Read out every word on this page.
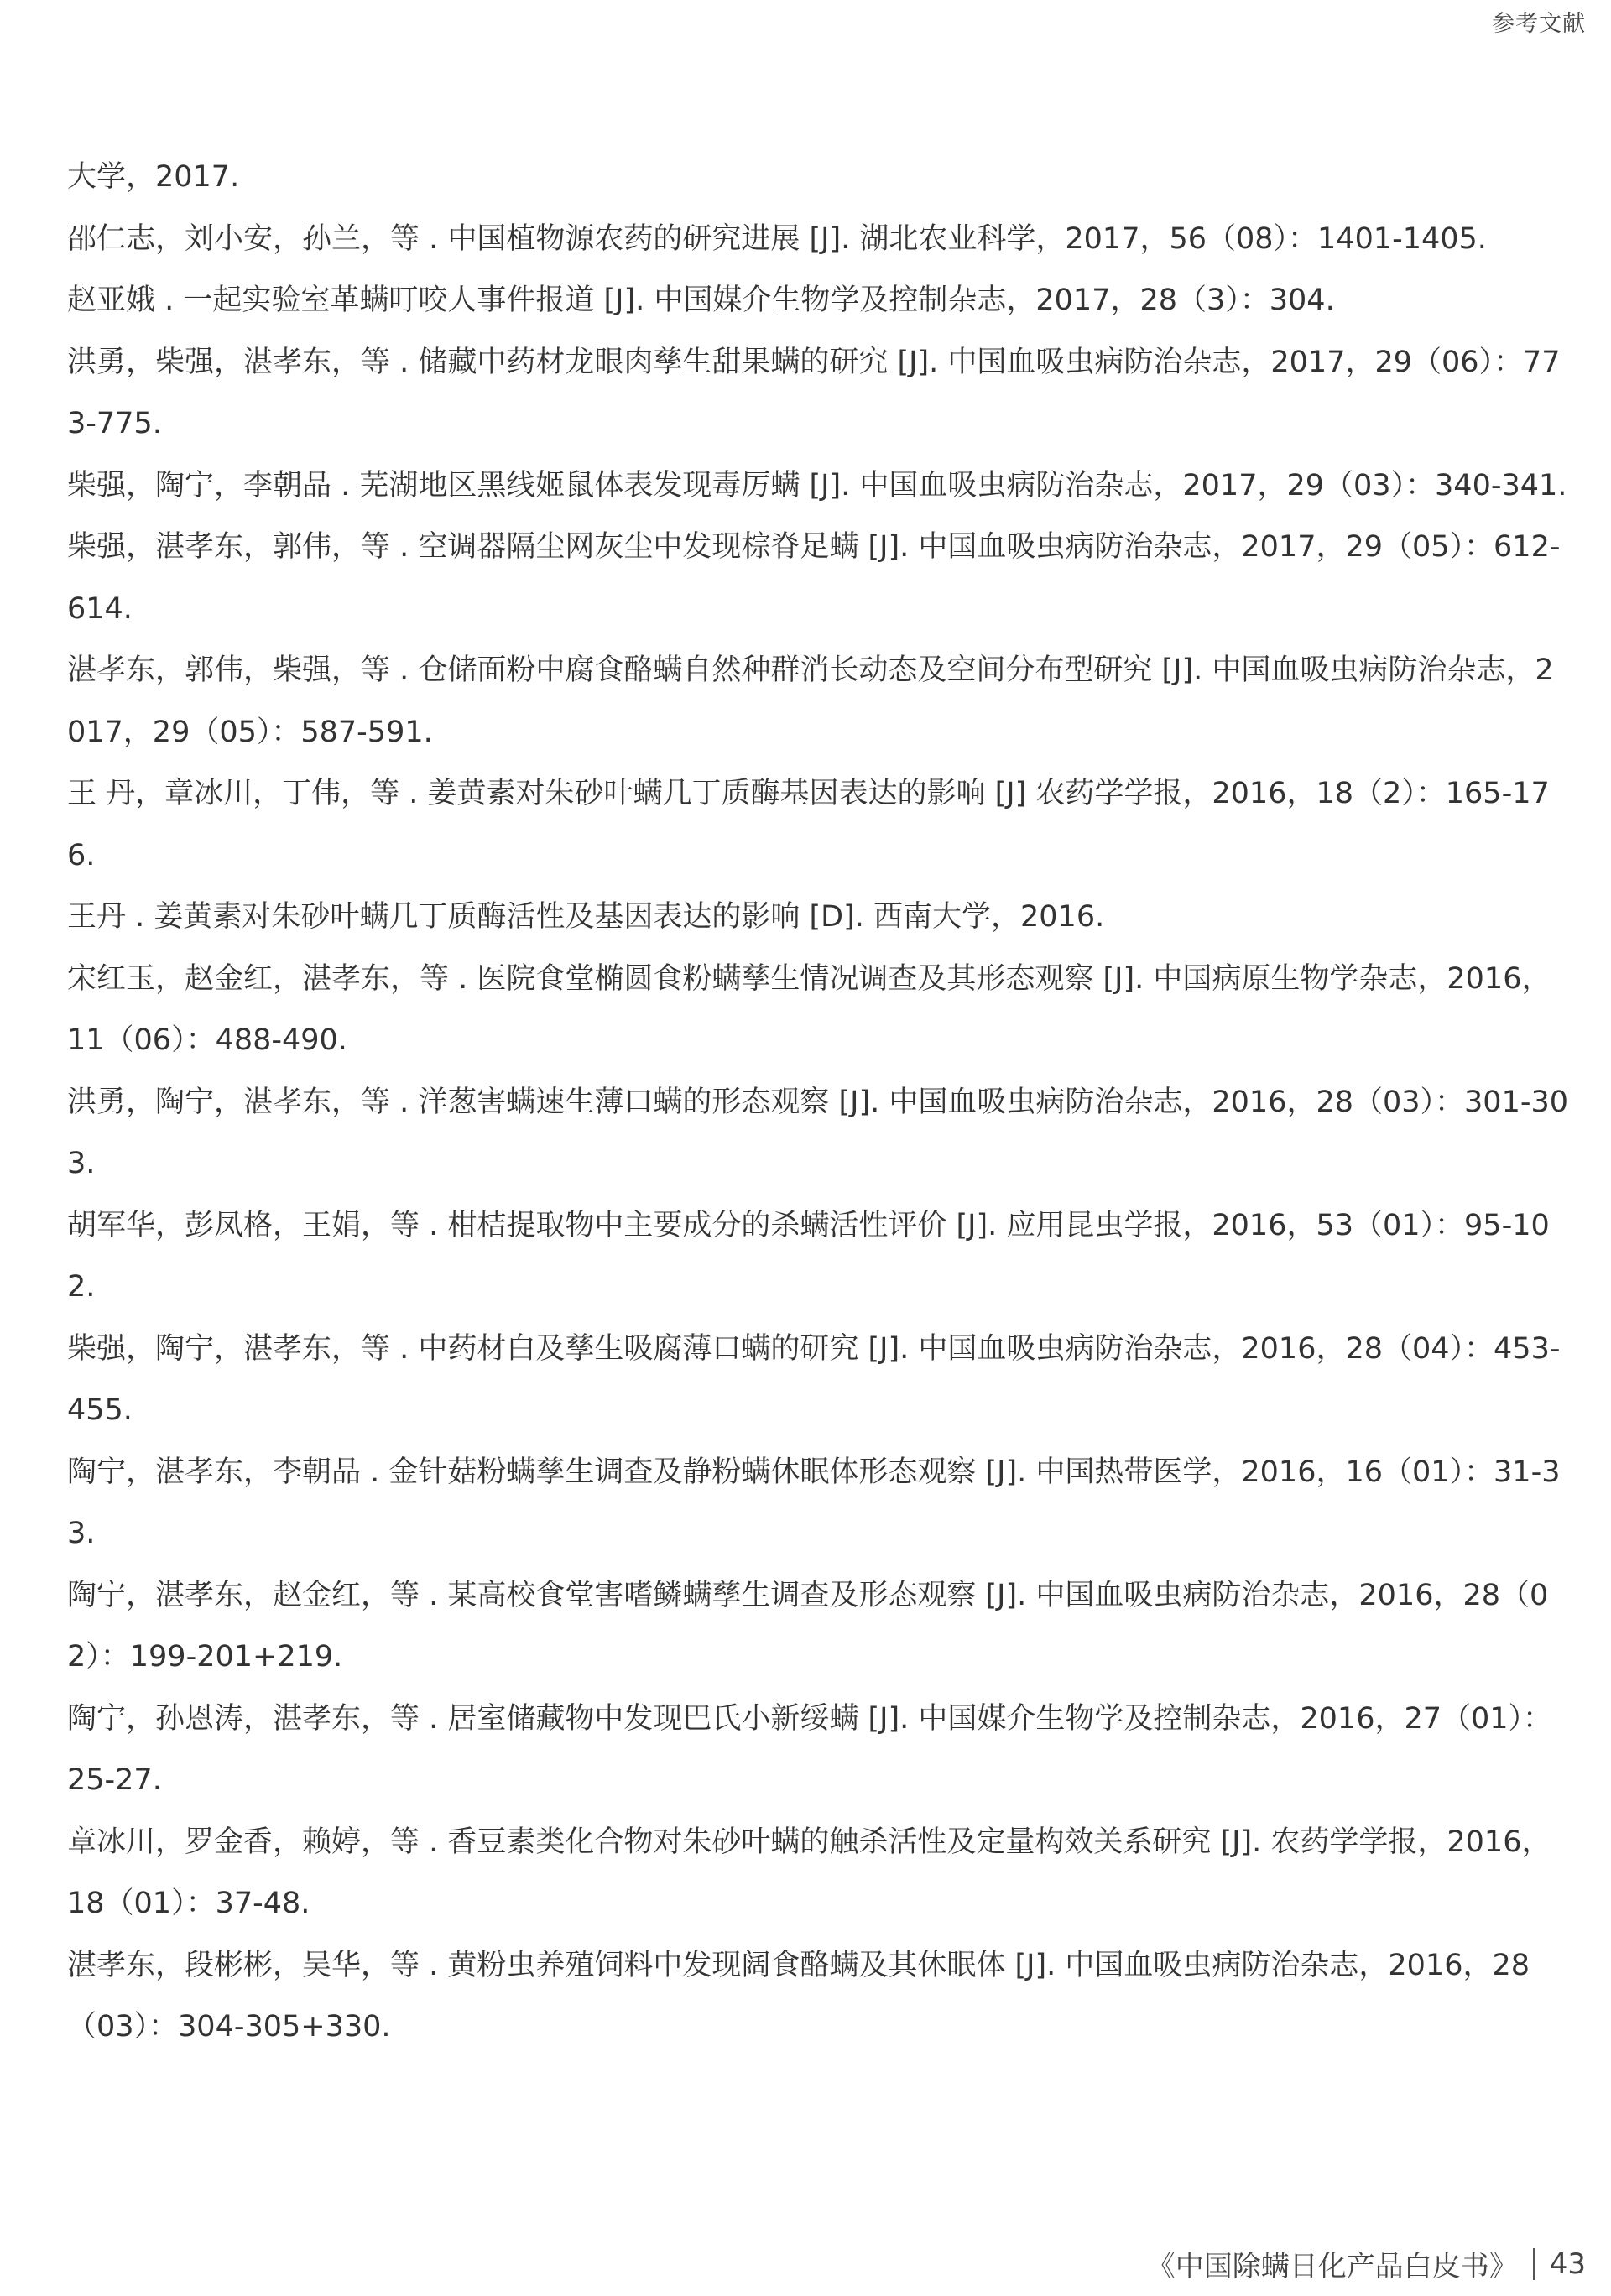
参考文献

大学，2017.

邵仁志，刘小安，孙兰，等 . 中国植物源农药的研究进展 [J]. 湖北农业科学，2017，56（08）：1401-1405.

赵亚娥 . 一起实验室革螨叮咬人事件报道 [J]. 中国媒介生物学及控制杂志，2017，28（3）：304.

洪勇，柴强，湛孝东，等 . 储藏中药材龙眼肉孳生甜果螨的研究 [J]. 中国血吸虫病防治杂志，2017，29（06）：773-775.

柴强，陶宁，李朝品 . 芜湖地区黑线姬鼠体表发现毒厉螨 [J]. 中国血吸虫病防治杂志，2017，29（03）：340-341.

柴强，湛孝东，郭伟，等 . 空调器隔尘网灰尘中发现棕脊足螨 [J]. 中国血吸虫病防治杂志，2017，29（05）：612-614.

湛孝东，郭伟，柴强，等 . 仓储面粉中腐食酪螨自然种群消长动态及空间分布型研究 [J]. 中国血吸虫病防治杂志，2017，29（05）：587-591.

王 丹，章冰川，丁伟，等 . 姜黄素对朱砂叶螨几丁质酶基因表达的影响 [J] 农药学学报，2016，18（2）：165-176.

王丹 . 姜黄素对朱砂叶螨几丁质酶活性及基因表达的影响 [D]. 西南大学，2016.

宋红玉，赵金红，湛孝东，等 . 医院食堂椭圆食粉螨孳生情况调查及其形态观察 [J]. 中国病原生物学杂志，2016，11（06）：488-490.

洪勇，陶宁，湛孝东，等 . 洋葱害螨速生薄口螨的形态观察 [J]. 中国血吸虫病防治杂志，2016，28（03）：301-303.

胡军华，彭凤格，王娟，等 . 柑桔提取物中主要成分的杀螨活性评价 [J]. 应用昆虫学报，2016，53（01）：95-102.

柴强，陶宁，湛孝东，等 . 中药材白及孳生吸腐薄口螨的研究 [J]. 中国血吸虫病防治杂志，2016，28（04）：453-455.

陶宁，湛孝东，李朝品 . 金针菇粉螨孳生调查及静粉螨休眠体形态观察 [J]. 中国热带医学，2016，16（01）：31-33.

陶宁，湛孝东，赵金红，等 . 某高校食堂害嗜鳞螨孳生调查及形态观察 [J]. 中国血吸虫病防治杂志，2016，28（02）：199-201+219.

陶宁，孙恩涛，湛孝东，等 . 居室储藏物中发现巴氏小新绥螨 [J]. 中国媒介生物学及控制杂志，2016，27（01）：25-27.

章冰川，罗金香，赖婷，等 . 香豆素类化合物对朱砂叶螨的触杀活性及定量构效关系研究 [J]. 农药学学报，2016，18（01）：37-48.

湛孝东，段彬彬，吴华，等 . 黄粉虫养殖饲料中发现阔食酪螨及其休眠体 [J]. 中国血吸虫病防治杂志，2016，28（03）：304-305+330.

《中国除螨日化产品白皮书》 43
